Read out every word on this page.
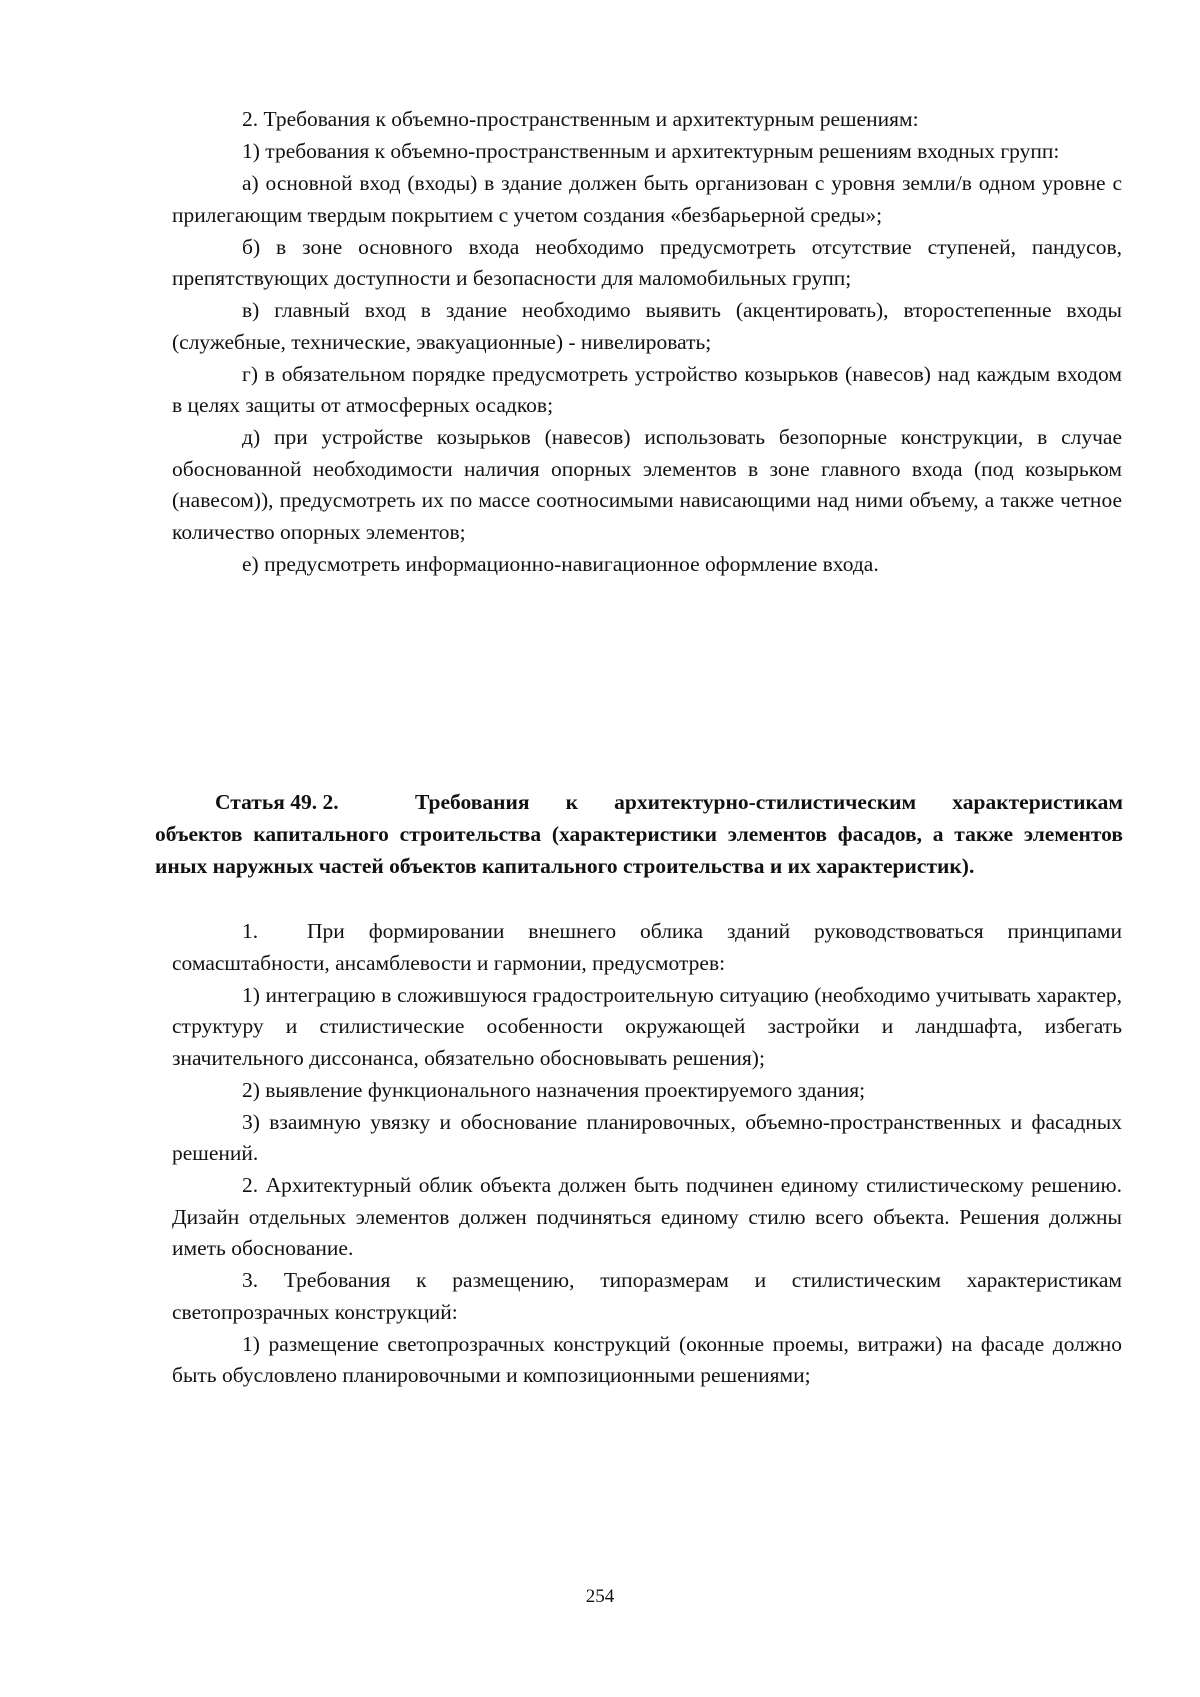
2. Требования к объемно-пространственным и архитектурным решениям:

1) требования к объемно-пространственным и архитектурным решениям входных групп:

а) основной вход (входы) в здание должен быть организован с уровня земли/в одном уровне с прилегающим твердым покрытием с учетом создания «безбарьерной среды»;

б) в зоне основного входа необходимо предусмотреть отсутствие ступеней, пандусов, препятствующих доступности и безопасности для маломобильных групп;

в) главный вход в здание необходимо выявить (акцентировать), второстепенные входы (служебные, технические, эвакуационные) - нивелировать;

г) в обязательном порядке предусмотреть устройство козырьков (навесов) над каждым входом в целях защиты от атмосферных осадков;

д) при устройстве козырьков (навесов) использовать безопорные конструкции, в случае обоснованной необходимости наличия опорных элементов в зоне главного входа (под козырьком (навесом)), предусмотреть их по массе соотносимыми нависающими над ними объему, а также четное количество опорных элементов;

е) предусмотреть информационно-навигационное оформление входа.

Статья 49. 2.	Требования к архитектурно-стилистическим характеристикам объектов капитального строительства (характеристики элементов фасадов, а также элементов иных наружных частей объектов капитального строительства и их характеристик).

1. При формировании внешнего облика зданий руководствоваться принципами сомасштабности, ансамблевости и гармонии, предусмотрев:

1) интеграцию в сложившуюся градостроительную ситуацию (необходимо учитывать характер, структуру и стилистические особенности окружающей застройки и ландшафта, избегать значительного диссонанса, обязательно обосновывать решения);

2) выявление функционального назначения проектируемого здания;

3) взаимную увязку и обоснование планировочных, объемно-пространственных и фасадных решений.

2. Архитектурный облик объекта должен быть подчинен единому стилистическому решению. Дизайн отдельных элементов должен подчиняться единому стилю всего объекта. Решения должны иметь обоснование.

3. Требования к размещению, типоразмерам и стилистическим характеристикам светопрозрачных конструкций:

1) размещение светопрозрачных конструкций (оконные проемы, витражи) на фасаде должно быть обусловлено планировочными и композиционными решениями;

254
